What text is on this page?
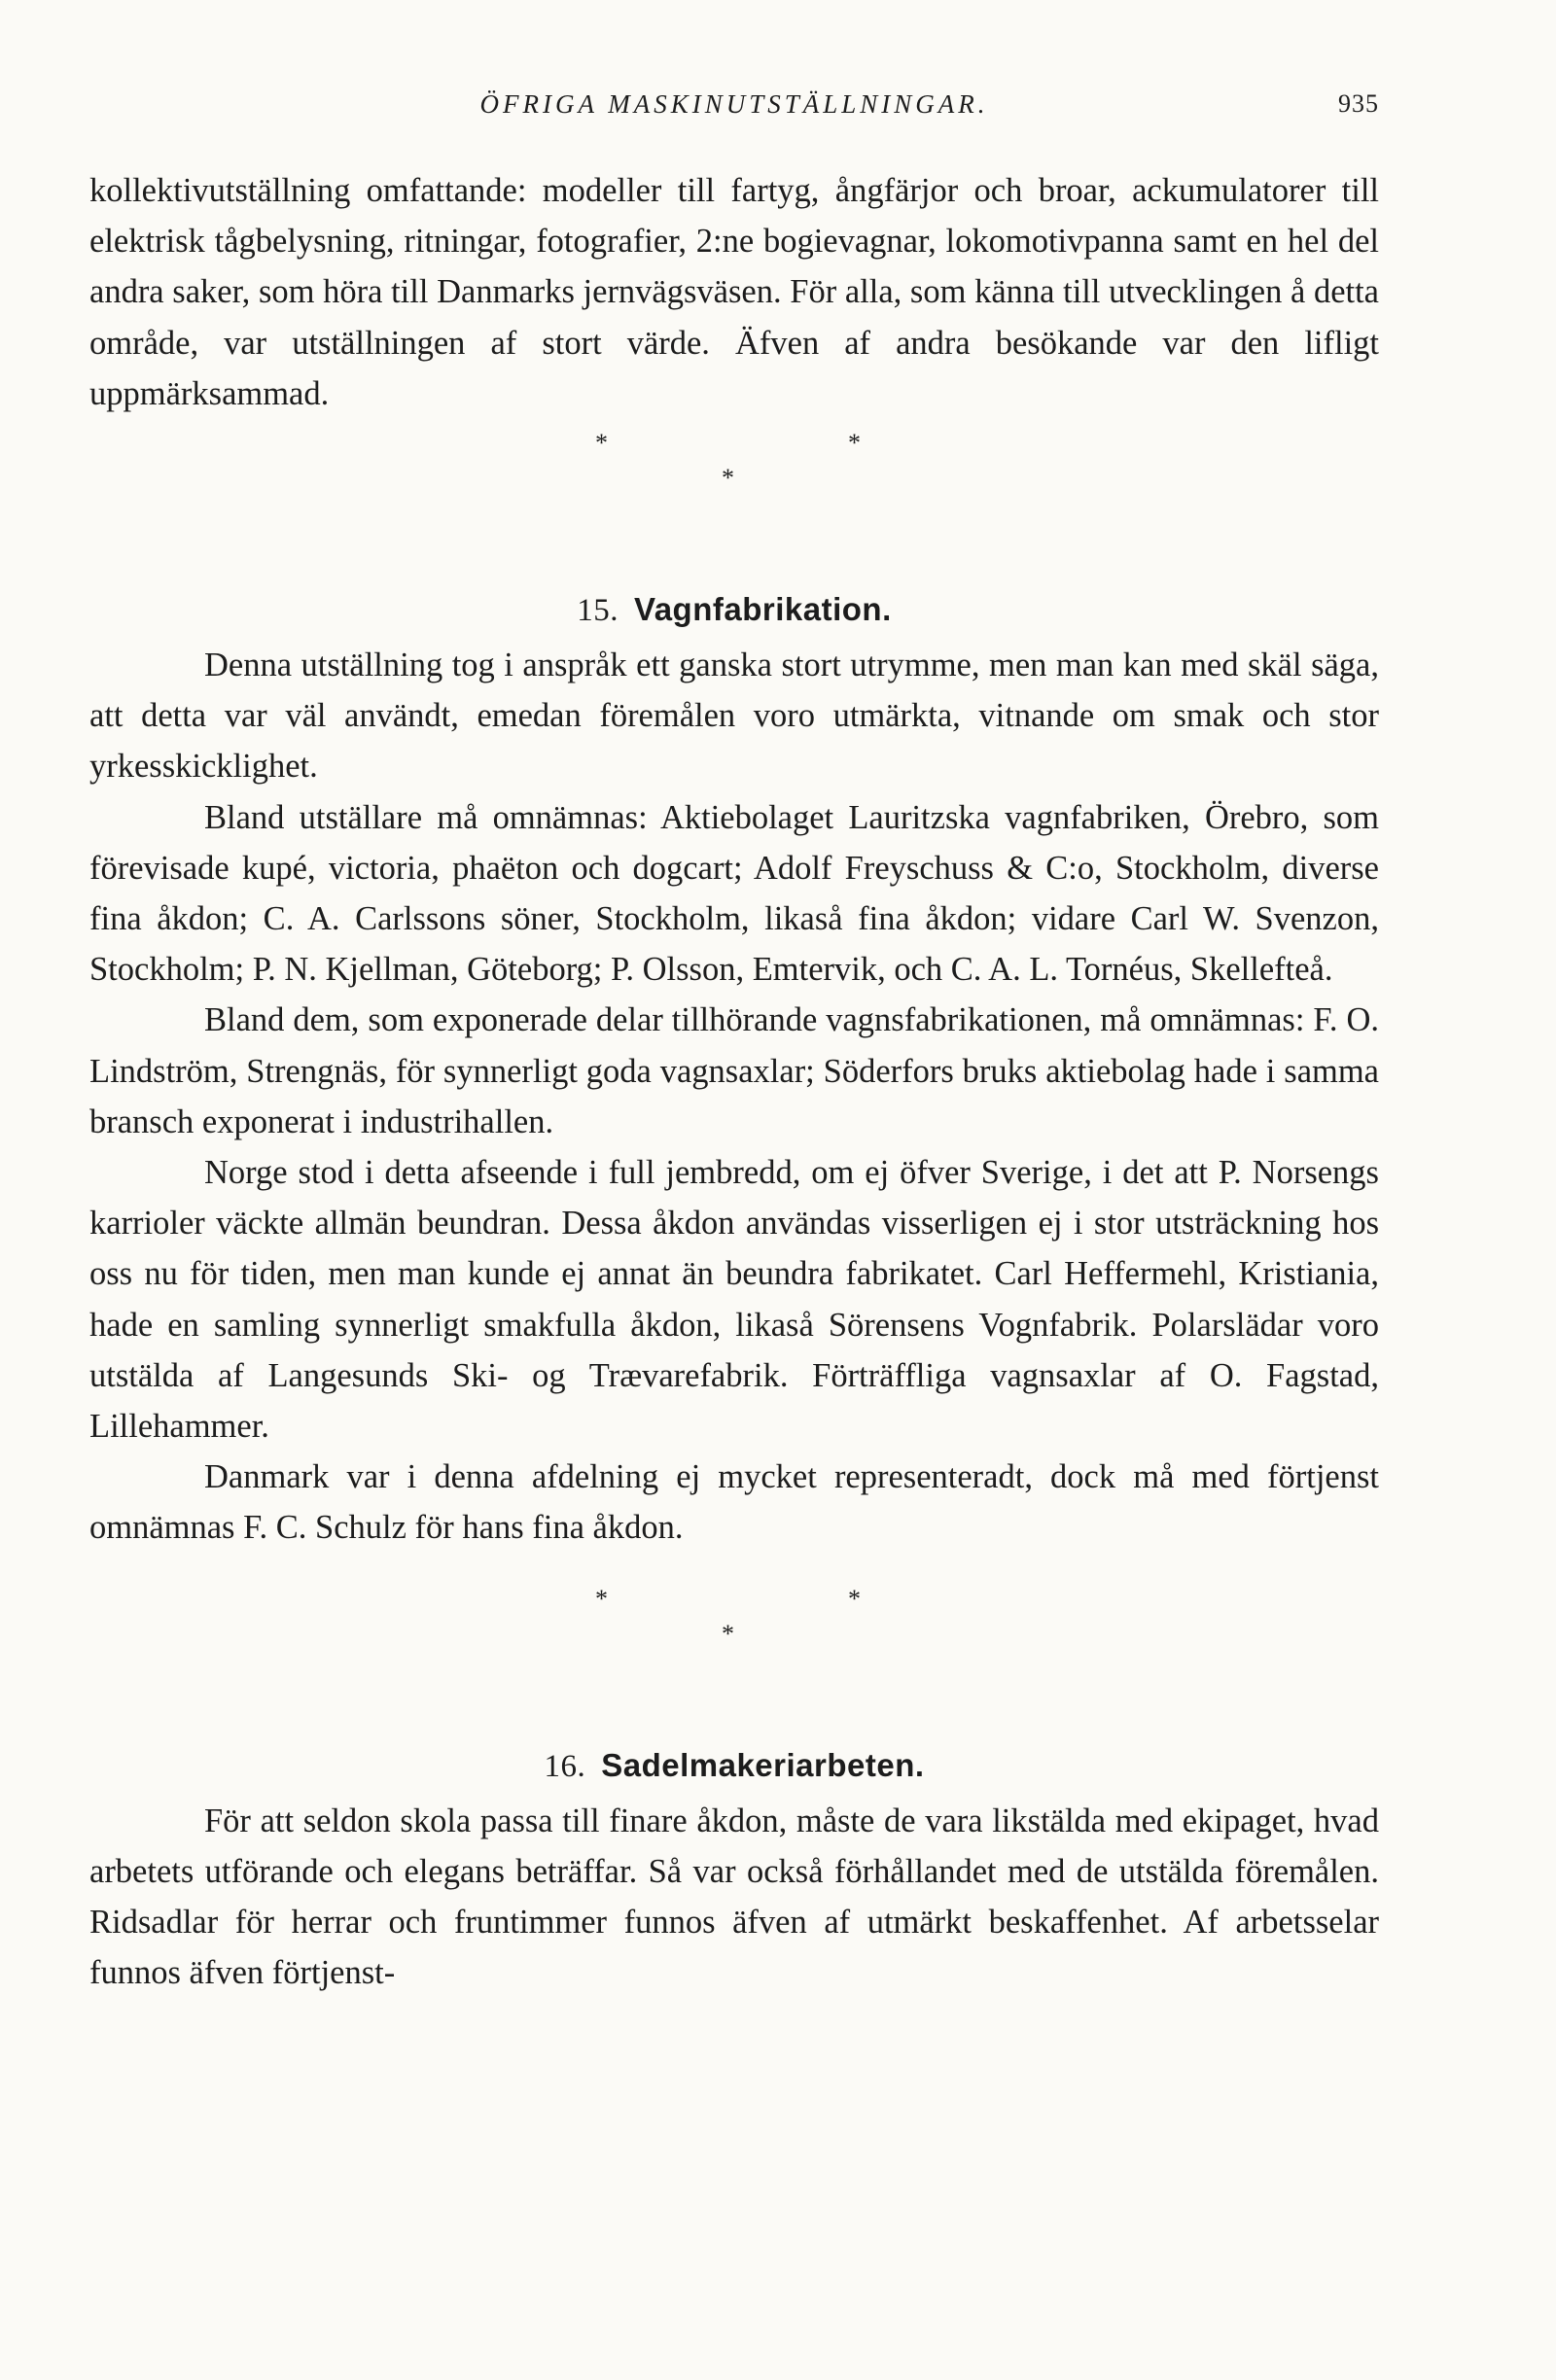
ÖFRIGA MASKINUTSTÄLLNINGAR.	935

kollektivutställning omfattande: modeller till fartyg, ångfärjor och broar, ackumulatorer till elektrisk tågbelysning, ritningar, fotografier, 2:ne bogievagnar, lokomotivpanna samt en hel del andra saker, som höra till Danmarks jernvägsväsen. För alla, som känna till utvecklingen å detta område, var utställningen af stort värde. Äfven af andra besökande var den lifligt uppmärksammad.

*
*
*
15. Vagnfabrikation.

Denna utställning tog i anspråk ett ganska stort utrymme, men man kan med skäl säga, att detta var väl användt, emedan föremålen voro utmärkta, vitnande om smak och stor yrkesskicklighet.

Bland utställare må omnämnas: Aktiebolaget Lauritzska vagnfabriken, Örebro, som förevisade kupé, victoria, phaëton och dogcart; Adolf Freyschuss & C:o, Stockholm, diverse fina åkdon; C. A. Carlssons söner, Stockholm, likaså fina åkdon; vidare Carl W. Svenzon, Stockholm; P. N. Kjellman, Göteborg; P. Olsson, Emtervik, och C. A. L. Tornéus, Skellefteå.

Bland dem, som exponerade delar tillhörande vagnsfabrikationen, må omnämnas: F. O. Lindström, Strengnäs, för synnerligt goda vagnsaxlar; Söderfors bruks aktiebolag hade i samma bransch exponerat i industrihallen.

Norge stod i detta afseende i full jembredd, om ej öfver Sverige, i det att P. Norsengs karrioler väckte allmän beundran. Dessa åkdon användas visserligen ej i stor utsträckning hos oss nu för tiden, men man kunde ej annat än beundra fabrikatet. Carl Heffermehl, Kristiania, hade en samling synnerligt smakfulla åkdon, likaså Sörensens Vognfabrik. Polarslädar voro utstälda af Langesunds Ski- og Trævarefabrik. Förträffliga vagnsaxlar af O. Fagstad, Lillehammer.

Danmark var i denna afdelning ej mycket representeradt, dock må med förtjenst omnämnas F. C. Schulz för hans fina åkdon.

*
*
*
16. Sadelmakeriarbeten.

För att seldon skola passa till finare åkdon, måste de vara likstälda med ekipaget, hvad arbetets utförande och elegans beträffar. Så var också förhållandet med de utstälda föremålen. Ridsadlar för herrar och fruntimmer funnos äfven af utmärkt beskaffenhet. Af arbetsselar funnos äfven förtjenst-
